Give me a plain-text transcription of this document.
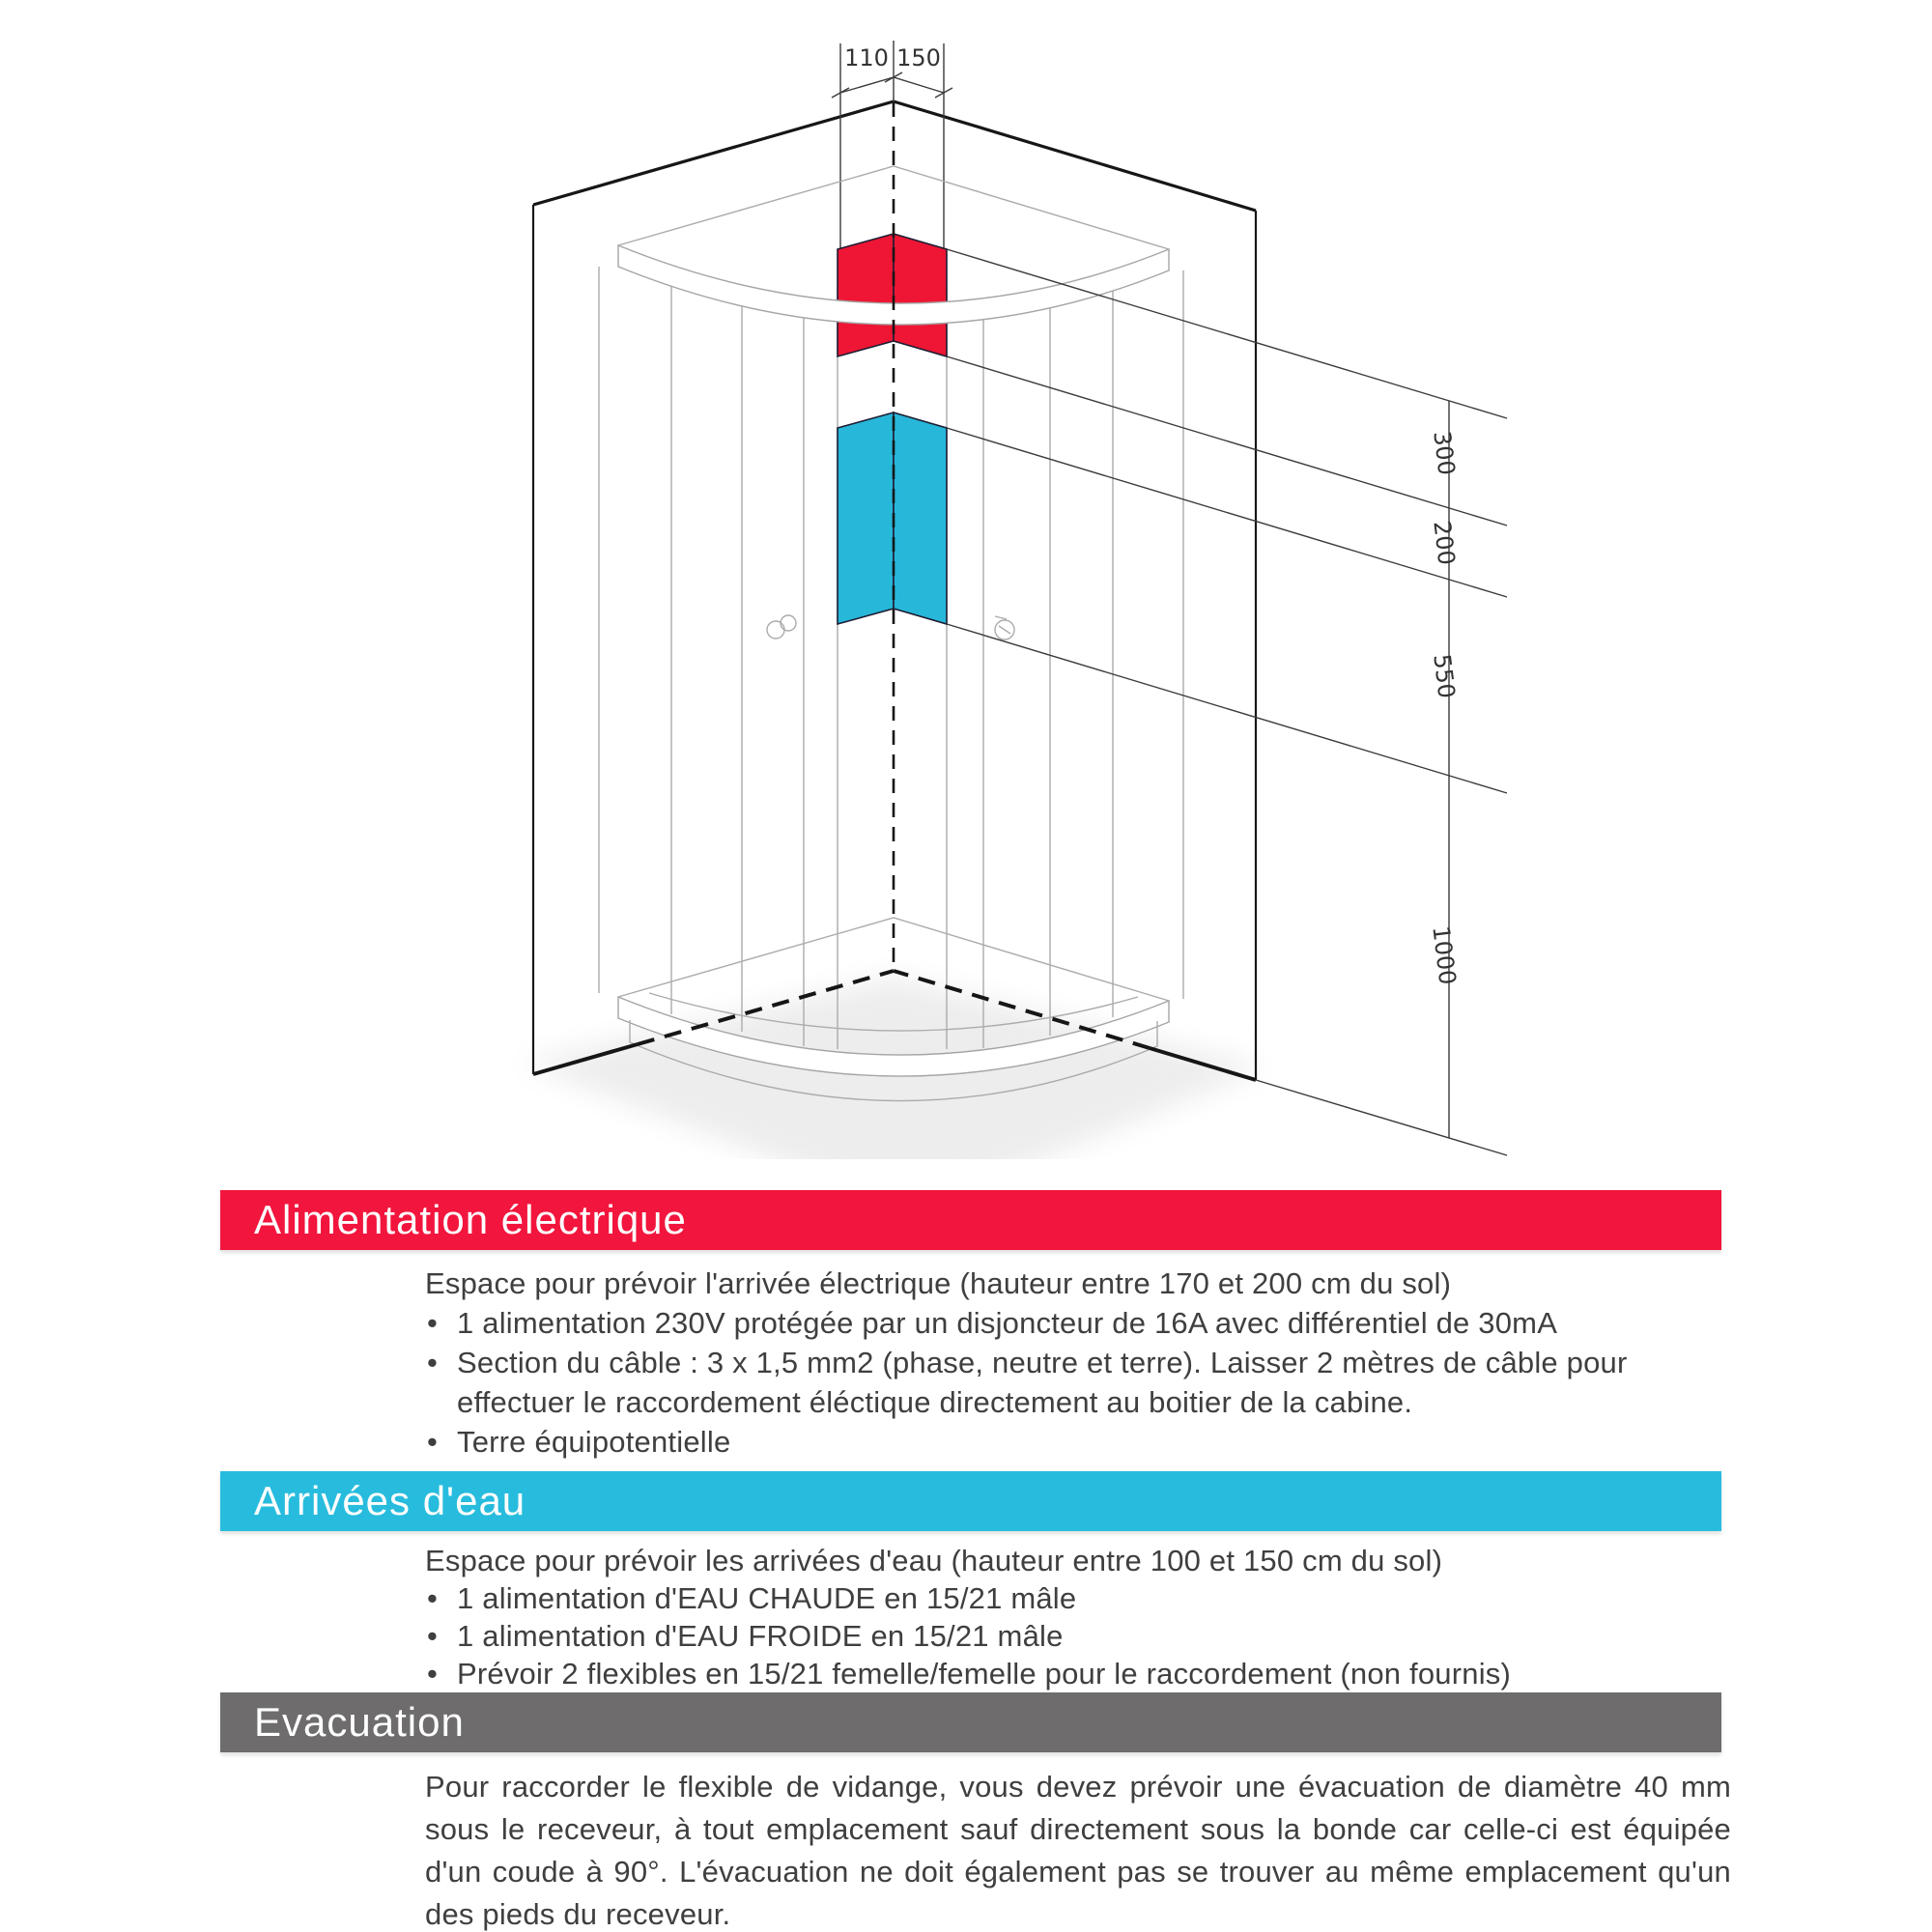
110 150
300
200
550
1000
Alimentation électrique
Espace pour prévoir l'arrivée électrique (hauteur entre 170 et 200 cm du sol)
• 1 alimentation 230V protégée par un disjoncteur de 16A avec différentiel de 30mA
• Section du câble : 3 x 1,5 mm2 (phase, neutre et terre). Laisser 2 mètres de câble pour effectuer le raccordement éléctique directement au boitier de la cabine.
• Terre équipotentielle
Arrivées d'eau
Espace pour prévoir les arrivées d'eau (hauteur entre 100 et 150 cm du sol)
• 1 alimentation d'EAU CHAUDE en 15/21 mâle
• 1 alimentation d'EAU FROIDE en 15/21 mâle
• Prévoir 2 flexibles en 15/21 femelle/femelle pour le raccordement (non fournis)
Evacuation
Pour raccorder le flexible de vidange, vous devez prévoir une évacuation de diamètre 40 mm sous le receveur, à tout emplacement sauf directement sous la bonde car celle-ci est équipée d'un coude à 90°. L'évacuation ne doit également pas se trouver au même emplacement qu'un des pieds du receveur.
